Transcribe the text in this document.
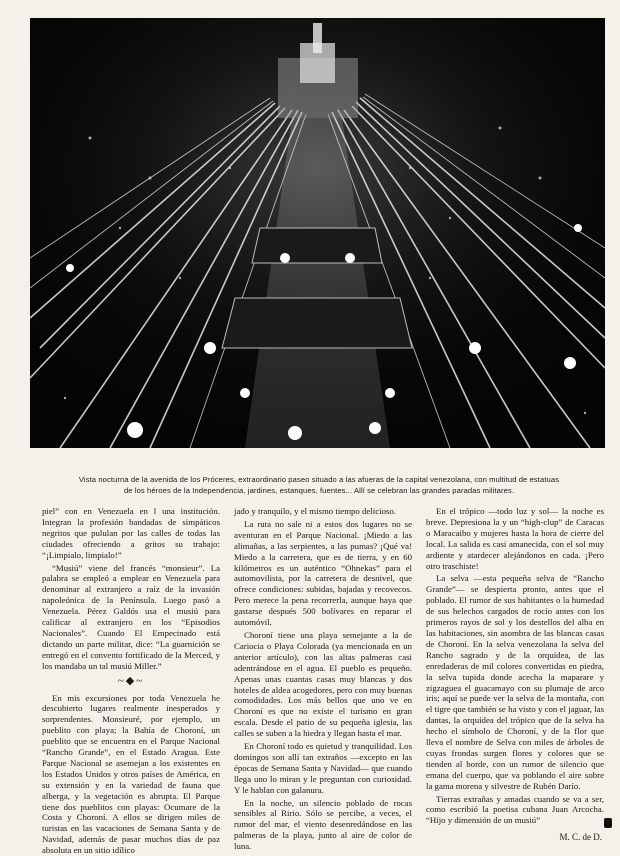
Vista nocturna de la avenida de los Próceres, extraordinario paseo situado a las afueras de la capital venezolana, con multitud de estatuas
de los héroes de la Independencia, jardines, estanques, fuentes... Allí se celebran las grandes paradas militares.

piel” con en Venezuela en l una institución. Integran la profesión bandadas de simpáticos negritos que pululan por las calles de todas las ciudades ofreciendo a gritos su trabajo: “¡Limpialo, limpialo!”

“Musiú” viene del francés “monsieur”. La palabra se empleó a emplear en Venezuela para denominar al extranjero a raíz de la invasión napoleónica de la Península. Luego pasó a Venezuela. Pérez Galdós usa el musiú para calificar al extranjero en los “Episodios Nacionales”. Cuando El Empecinado está dictando un parte militar, dice: “La guarnición se entregó en el convento fortificado de la Merced, y los mandaba un tal musiú Miller.”

~◆~

En mis excursiones por toda Venezuela he descubierto lugares realmente inesperados y sorprendentes. Monsieuré, por ejemplo, un pueblito con playa; la Bahía de Choroní, un pueblito que se encuentra en el Parque Nacional “Rancho Grande”, en el Estado Aragua. Este Parque Nacional se asemejan a los existentes en los Estados Unidos y otros países de América, en su extensión y en la variedad de fauna que alberga, y la vegetación es abrupta. El Parque tiene dos pueblitos con playas: Ocumare de la Costa y Choroní. A ellos se dirigen miles de turistas en las vacaciones de Semana Santa y de Navidad, además de pasar muchos días de paz absoluta en un sitio idílico

jado y tranquilo, y el mismo tiempo delicioso.

La ruta no sale ni a estos dos lugares no se aventuran en el Parque Nacional. ¡Miedo a las alimañas, a las serpientes, a las pumas? ¡Qué va! Miedo a la carretera, que es de tierra, y en 60 kilómetros es un auténtico “Ohnekas” para el automovilista, por la carretera de desnivel, que ofrece condiciones: subidas, bajadas y recovecos. Pero merece la pena recorrerla, aunque haya que gastarse después 500 bolívares en reparar el automóvil.

Choroní tiene una playa semejante a la de Cariocia o Playa Colorada (ya mencionada en un anterior artículo), con las altas palmeras casi adentrándose en el agua. El pueblo es pequeño. Apenas unas cuantas casas muy blancas y dos hoteles de aldea acogedores, pero con muy buenas comodidades. Los más bellos que uno ve en Choroní es que no existe el turismo en gran escala. Desde el patio de su pequeña iglesia, las calles se suben a la hiedra y llegan hasta el mar.

En Choroní todo es quietud y tranquilidad. Los domingos son allí tan extraños —excepto en las épocas de Semana Santa y Navidad— que cuando llega uno lo miran y le preguntan con curiosidad. Y le hablan con galanura.

En la noche, un silencio poblado de rocas sensibles al Ririo. Sólo se percibe, a veces, el rumor del mar, el viento desenredándose en las palmeras de la playa, junto al aire de color de luna.

En el trópico —todo luz y sol— la noche es breve. Depresiona la y un “high-clup” de Caracas o Maracaibo y mujeres hasta la hora de cierre del local. La salida es casi amanecida, con el sol muy ardiente y atardecer alejándonos en cada. ¡Pero otro traschiste!

La selva —esta pequeña selva de “Rancho Grande”— se despierta pronto, antes que el poblado. El rumor de sus habitantes o la humedad de sus helechos cargados de rocío antes con los primeros rayos de sol y los destellos del alba en las habitaciones, sin asombra de las blancas casas de Choroní. En la selva venezolana la selva del Rancho sagrado y de la orquídea, de las enredaderas de mil colores convertidas en piedra, la selva tupida donde acecha la maparare y zigzaguea el guacamayo con su plumaje de arco iris; aquí se puede ver la selva de la montaña, con el tigre que también se ha visto y con el jaguar, las dantas, la orquídea del trópico que de la selva ha hecho el símbolo de Choroní, y de la flor que lleva el nombre de Selva con miles de árboles de cuyas frondas surgen flores y colores que se tienden al borde, con un rumor de silencio que emana del cuerpo, que va poblando el aire sobre la gama morena y silvestre de Rubén Darío.

Tierras extrañas y amadas cuando se va a ser, como escribió la poetisa cubana Juan Arcocha. “Hijo y dimensión de un musiú”

M. C. de D.
